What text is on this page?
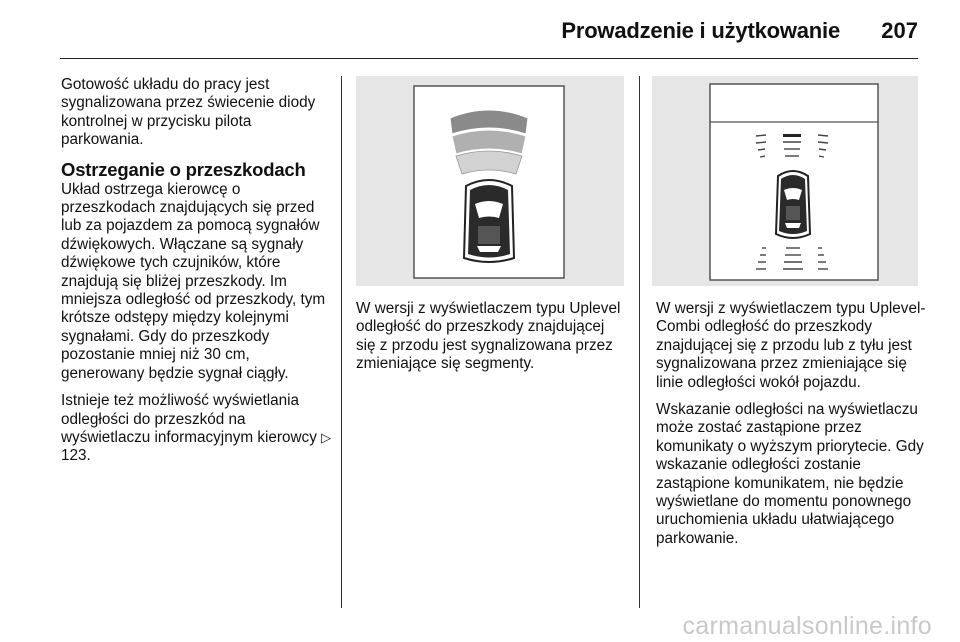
Prowadzenie i użytkowanie 207

Gotowość układu do pracy jest sygnalizowana przez świecenie diody kontrolnej w przycisku pilota parkowania.

Ostrzeganie o przeszkodach

Układ ostrzega kierowcę o przeszkodach znajdujących się przed lub za pojazdem za pomocą sygnałów dźwiękowych. Włączane są sygnały dźwiękowe tych czujników, które znajdują się bliżej przeszkody. Im mniejsza odległość od przeszkody, tym krótsze odstępy między kolejnymi sygnałami. Gdy do przeszkody pozostanie mniej niż 30 cm, generowany będzie sygnał ciągły.

Istnieje też możliwość wyświetlania odległości do przeszkód na wyświetlaczu informacyjnym kierowcy ▷ 123.

W wersji z wyświetlaczem typu Uplevel odległość do przeszkody znajdującej się z przodu jest sygnalizowana przez zmieniające się segmenty.

W wersji z wyświetlaczem typu Uplevel-Combi odległość do przeszkody znajdującej się z przodu lub z tyłu jest sygnalizowana przez zmieniające się linie odległości wokół pojazdu.

Wskazanie odległości na wyświetlaczu może zostać zastąpione przez komunikaty o wyższym priorytecie. Gdy wskazanie odległości zostanie zastąpione komunikatem, nie będzie wyświetlane do momentu ponownego uruchomienia układu ułatwiającego parkowanie.

carmanualsonline.info
